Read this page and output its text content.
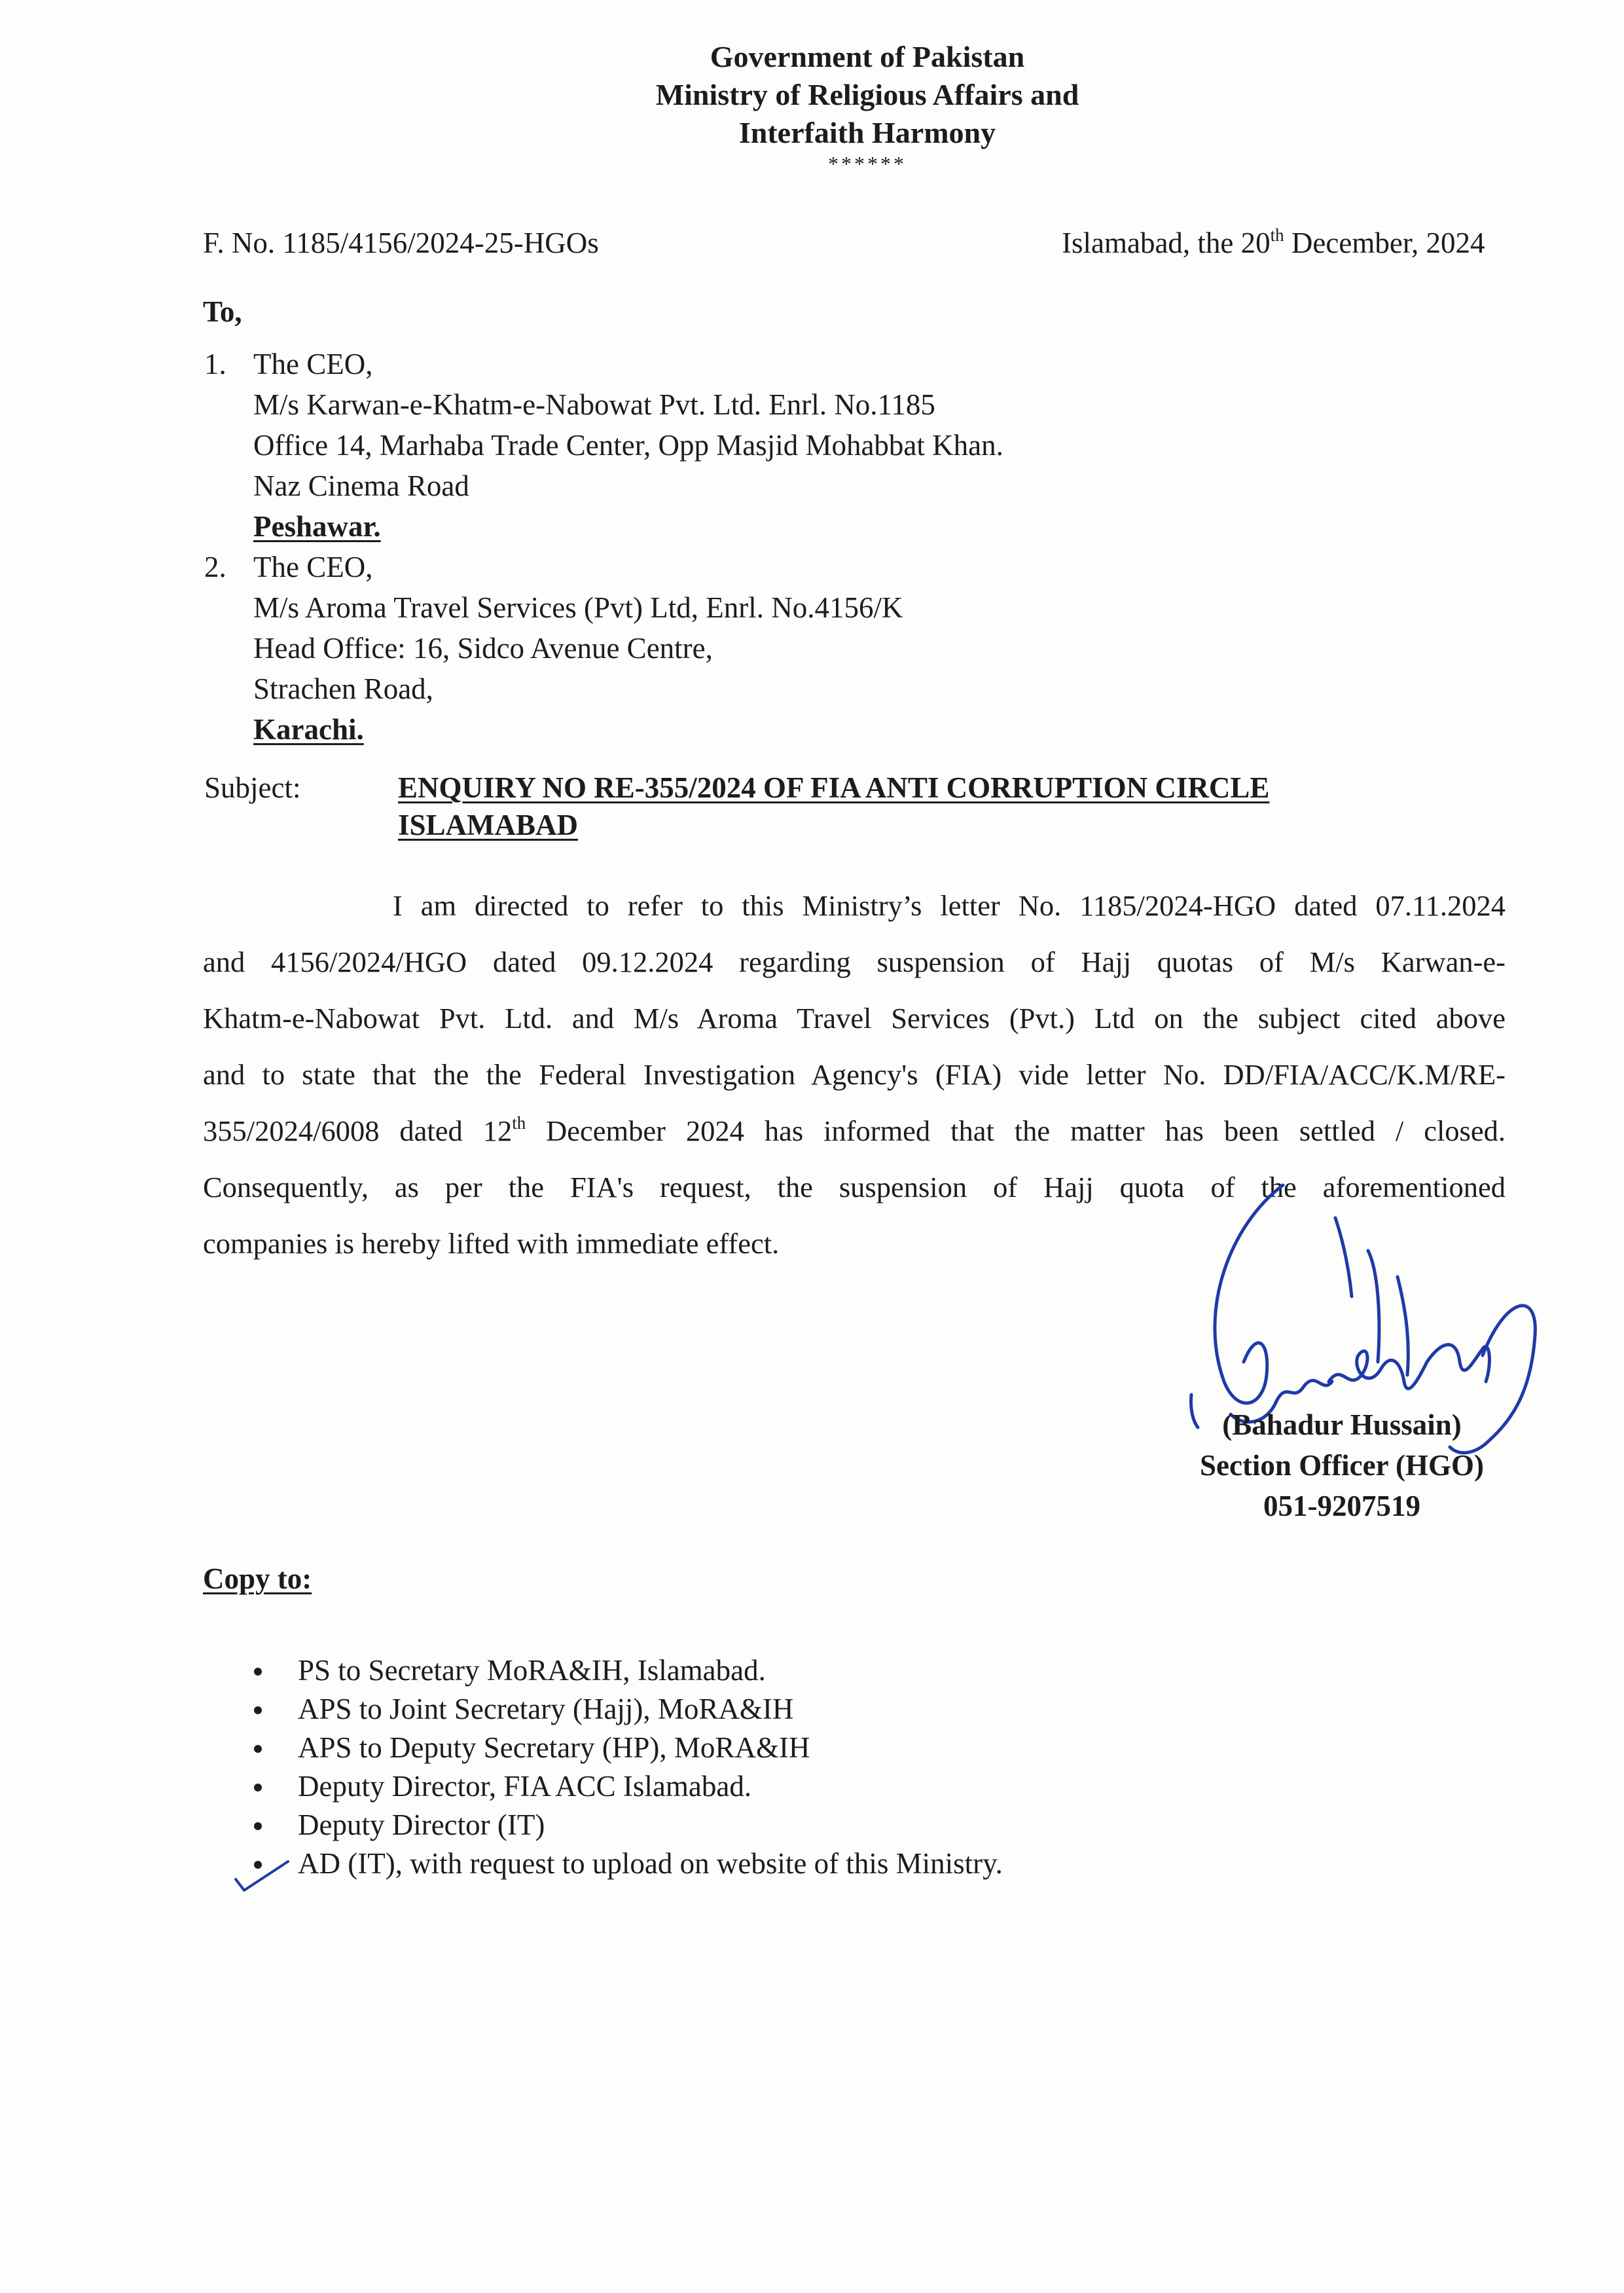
Government of Pakistan
Ministry of Religious Affairs and
Interfaith Harmony
******
F. No. 1185/4156/2024-25-HGOs	Islamabad, the 20th December, 2024
To,
1. The CEO,
M/s Karwan-e-Khatm-e-Nabowat Pvt. Ltd. Enrl. No.1185
Office 14, Marhaba Trade Center, Opp Masjid Mohabbat Khan.
Naz Cinema Road
Peshawar.
2. The CEO,
M/s Aroma Travel Services (Pvt) Ltd, Enrl. No.4156/K
Head Office: 16, Sidco Avenue Centre,
Strachen Road,
Karachi.
Subject:	ENQUIRY NO RE-355/2024 OF FIA ANTI CORRUPTION CIRCLE
ISLAMABAD
I am directed to refer to this Ministry’s letter No. 1185/2024-HGO dated 07.11.2024
and 4156/2024/HGO dated 09.12.2024 regarding suspension of Hajj quotas of M/s Karwan-e-
Khatm-e-Nabowat Pvt. Ltd. and M/s Aroma Travel Services (Pvt.) Ltd on the subject cited above
and to state that the the Federal Investigation Agency's (FIA) vide letter No. DD/FIA/ACC/K.M/RE-
355/2024/6008 dated 12th December 2024 has informed that the matter has been settled / closed.
Consequently, as per the FIA's request, the suspension of Hajj quota of the aforementioned
companies is hereby lifted with immediate effect.
(Bahadur Hussain)
Section Officer (HGO)
051-9207519
Copy to:
PS to Secretary MoRA&IH, Islamabad.
APS to Joint Secretary (Hajj), MoRA&IH
APS to Deputy Secretary (HP), MoRA&IH
Deputy Director, FIA ACC Islamabad.
Deputy Director (IT)
AD (IT), with request to upload on website of this Ministry.
